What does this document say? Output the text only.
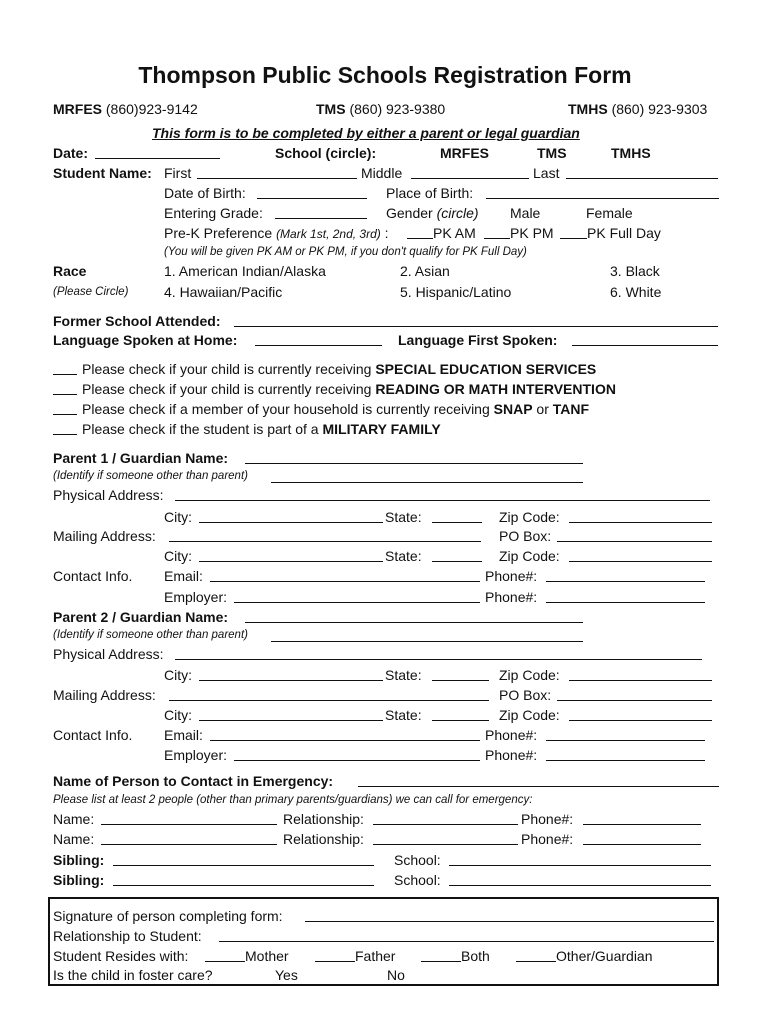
Thompson Public Schools Registration Form
MRFES (860)923-9142	TMS (860) 923-9380	TMHS (860) 923-9303
This form is to be completed by either a parent or legal guardian
Date:	School (circle):	MRFES	TMS	TMHS
Student Name: First	Middle	Last
Date of Birth:	Place of Birth:
Entering Grade:	Gender (circle) Male	Female
Pre-K Preference (Mark 1st, 2nd, 3rd) :	PK AM PK PM PK Full Day
(You will be given PK AM or PK PM, if you don't qualify for PK Full Day)
Race
(Please Circle)
1. American Indian/Alaska	2. Asian	3. Black
4. Hawaiian/Pacific	5. Hispanic/Latino	6. White
Former School Attended:
Language Spoken at Home:	Language First Spoken:
Please check if your child is currently receiving SPECIAL EDUCATION SERVICES
Please check if your child is currently receiving READING OR MATH INTERVENTION
Please check if a member of your household is currently receiving SNAP or TANF
Please check if the student is part of a MILITARY FAMILY
Parent 1 / Guardian Name:
(Identify if someone other than parent)
Physical Address:
City:	State:	Zip Code:
Mailing Address:	PO Box:
City:	State:	Zip Code:
Contact Info. Email:	Phone#:
Employer:	Phone#:
Parent 2 / Guardian Name:
(Identify if someone other than parent)
Physical Address:
City:	State:	Zip Code:
Mailing Address:	PO Box:
City:	State:	Zip Code:
Contact Info. Email:	Phone#:
Employer:	Phone#:
Name of Person to Contact in Emergency:
Please list at least 2 people (other than primary parents/guardians) we can call for emergency:
Name:	Relationship:	Phone#:
Name:	Relationship:	Phone#:
Sibling:	School:
Sibling:	School:
Signature of person completing form:
Relationship to Student:
Student Resides with:	Mother	Father	Both	Other/Guardian
Is the child in foster care?	Yes	No
